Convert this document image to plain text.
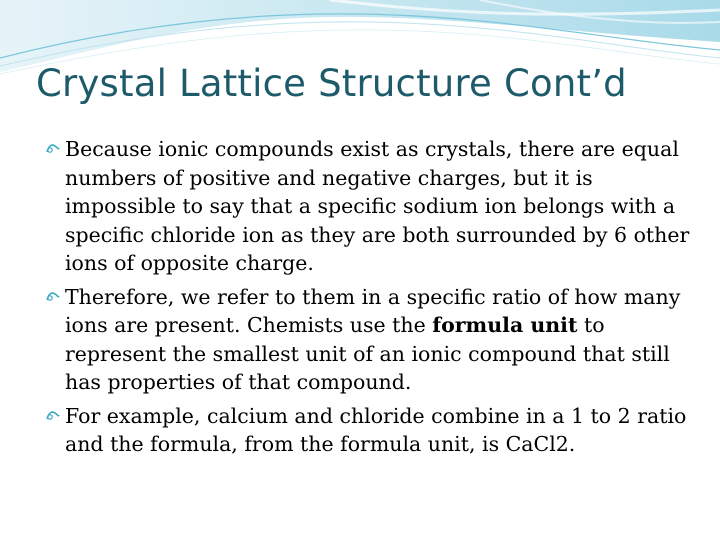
Crystal Lattice Structure Cont’d
Because ionic compounds exist as crystals, there are equal numbers of positive and negative charges, but it is impossible to say that a specific sodium ion belongs with a specific chloride ion as they are both surrounded by 6 other ions of opposite charge.
Therefore, we refer to them in a specific ratio of how many ions are present. Chemists use the formula unit to represent the smallest unit of an ionic compound that still has properties of that compound.
For example, calcium and chloride combine in a 1 to 2 ratio and the formula, from the formula unit, is CaCl2.
